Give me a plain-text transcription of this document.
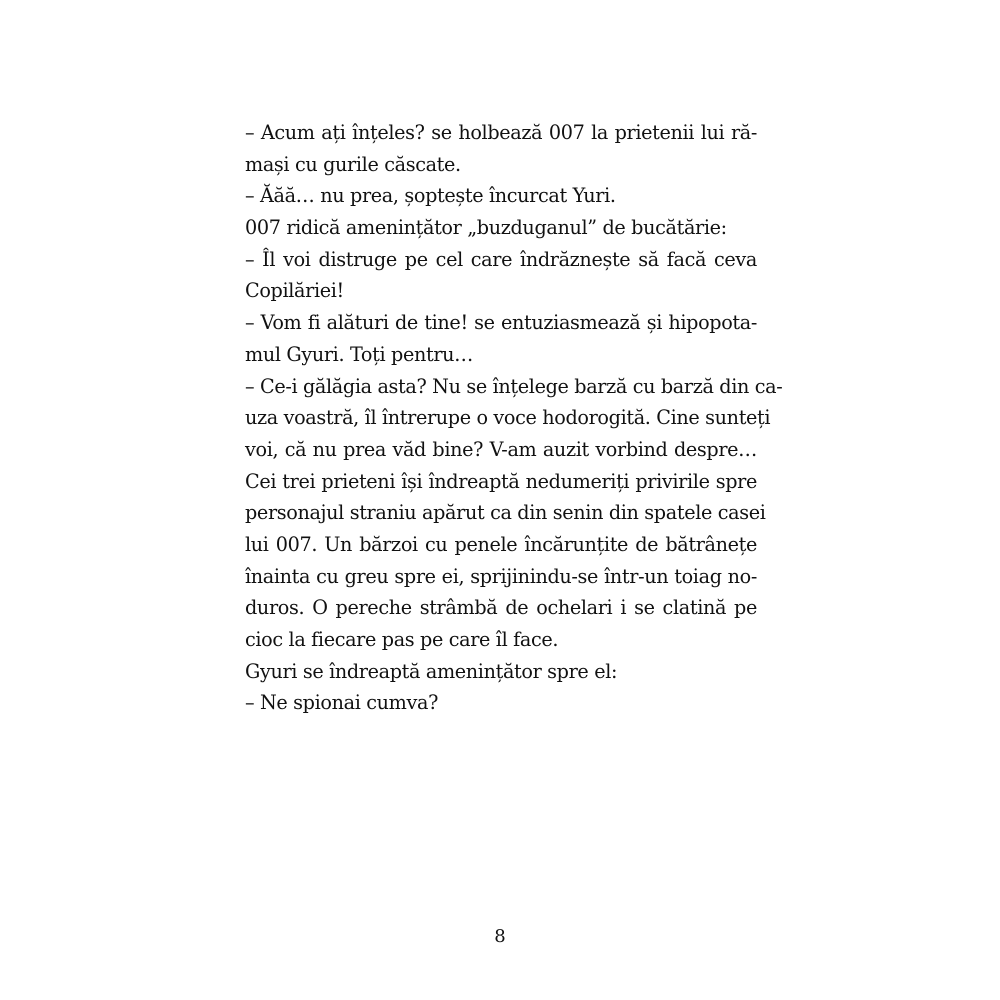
– Acum ați înțeles? se holbează 007 la prietenii lui ră-
mași cu gurile căscate.
– Ăăă… nu prea, șoptește încurcat Yuri.
007 ridică amenințător „buzduganul” de bucătărie:
– Îl voi distruge pe cel care îndrăznește să facă ceva
Copilăriei!
– Vom fi alături de tine! se entuziasmează și hipopota-
mul Gyuri. Toți pentru…
– Ce-i gălăgia asta? Nu se înțelege barză cu barză din ca-
uza voastră, îl întrerupe o voce hodorogită. Cine sunteți
voi, că nu prea văd bine? V-am auzit vorbind despre…
Cei trei prieteni își îndreaptă nedumeriți privirile spre
personajul straniu apărut ca din senin din spatele casei
lui 007. Un bărzoi cu penele încărunțite de bătrânețe
înainta cu greu spre ei, sprijinindu-se într-un toiag no-
duros. O pereche strâmbă de ochelari i se clatină pe
cioc la fiecare pas pe care îl face.
Gyuri se îndreaptă amenințător spre el:
– Ne spionai cumva?
8
